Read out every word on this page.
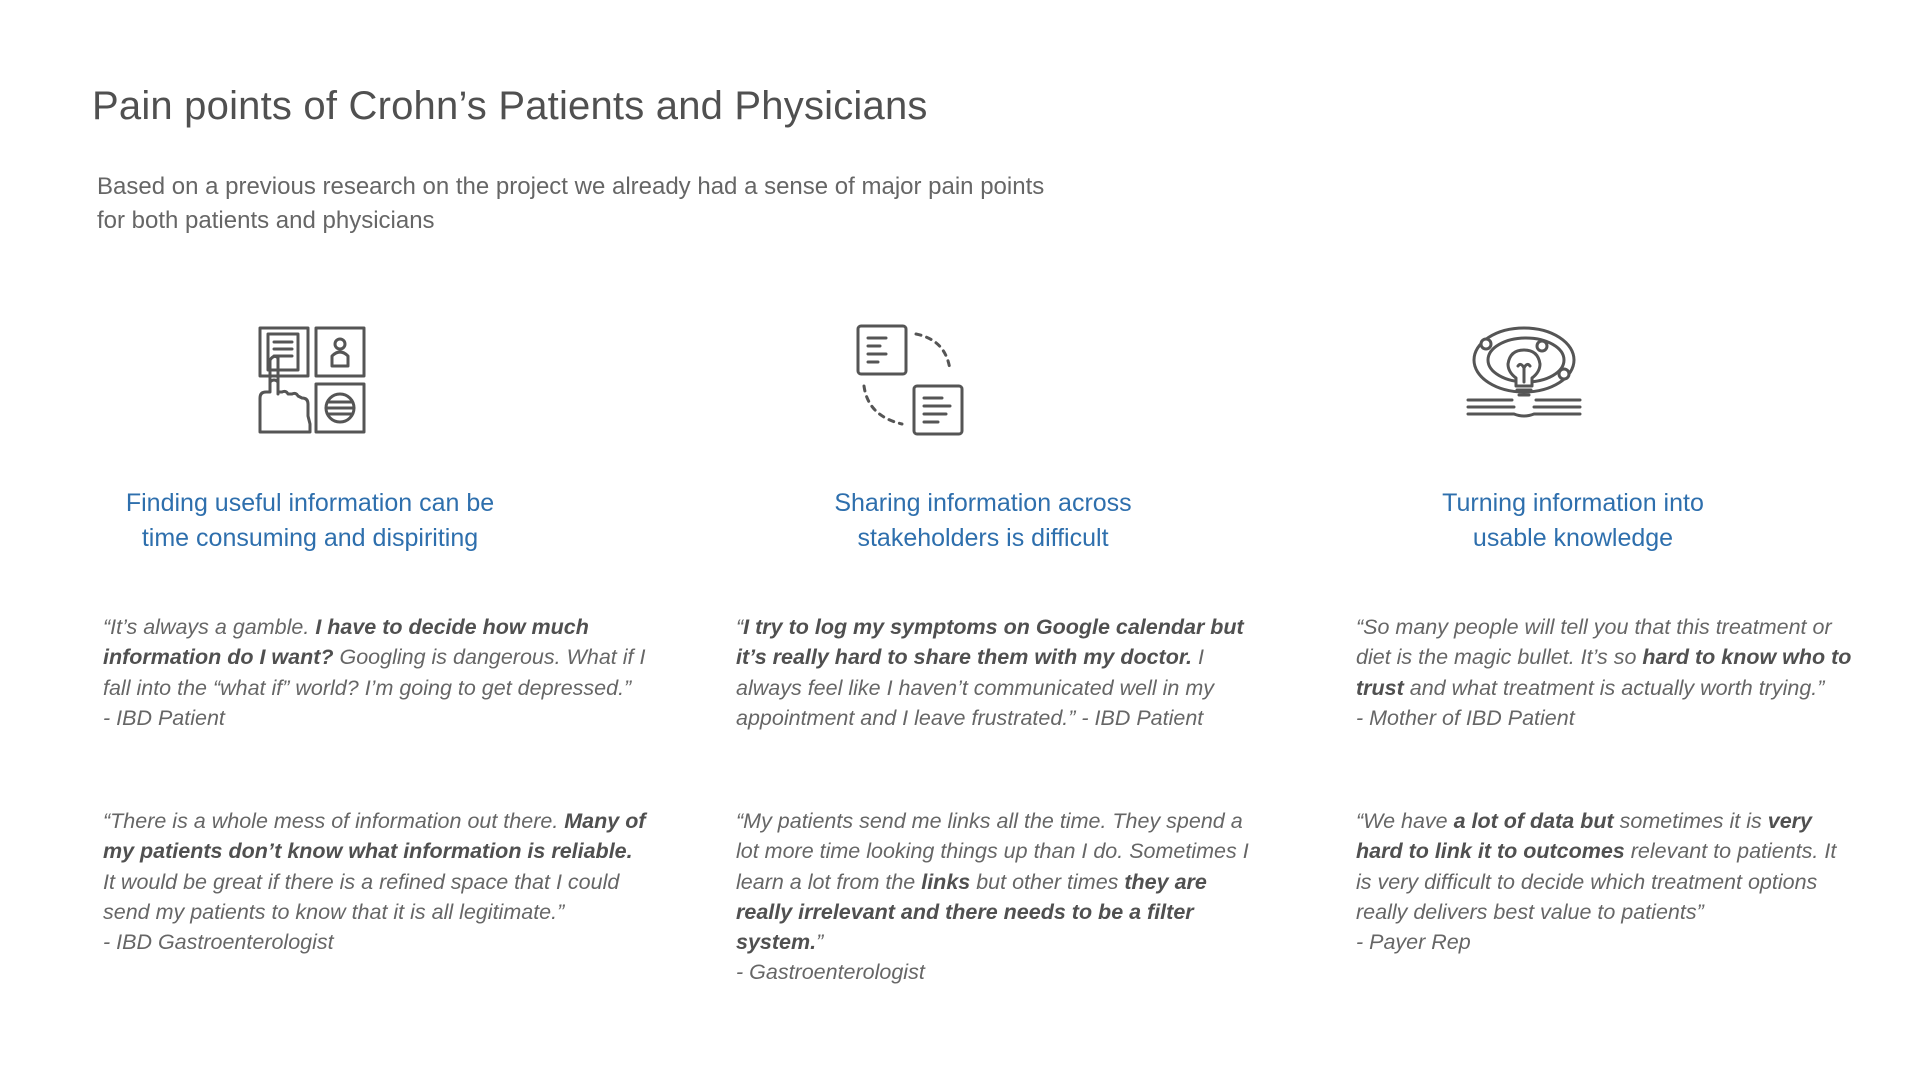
Pain points of Crohn’s Patients and Physicians

Based on a previous research on the project we already had a sense of major pain points for both patients and physicians

Finding useful information can be
time consuming and dispiriting

“It’s always a gamble. I have to decide how much information do I want? Googling is dangerous. What if I fall into the “what if” world? I’m going to get depressed.”
- IBD Patient

“There is a whole mess of information out there. Many of my patients don’t know what information is reliable. It would be great if there is a refined space that I could send my patients to know that it is all legitimate.”
- IBD Gastroenterologist

Sharing information across
stakeholders is difficult

“I try to log my symptoms on Google calendar but it’s really hard to share them with my doctor. I always feel like I haven’t communicated well in my appointment and I leave frustrated.” - IBD Patient

“My patients send me links all the time. They spend a lot more time looking things up than I do. Sometimes I learn a lot from the links but other times they are really irrelevant and there needs to be a filter system.”
- Gastroenterologist

Turning information into
usable knowledge

“So many people will tell you that this treatment or diet is the magic bullet. It’s so hard to know who to trust and what treatment is actually worth trying.”
- Mother of IBD Patient

“We have a lot of data but sometimes it is very hard to link it to outcomes relevant to patients. It is very difficult to decide which treatment options really delivers best value to patients”
- Payer Rep
